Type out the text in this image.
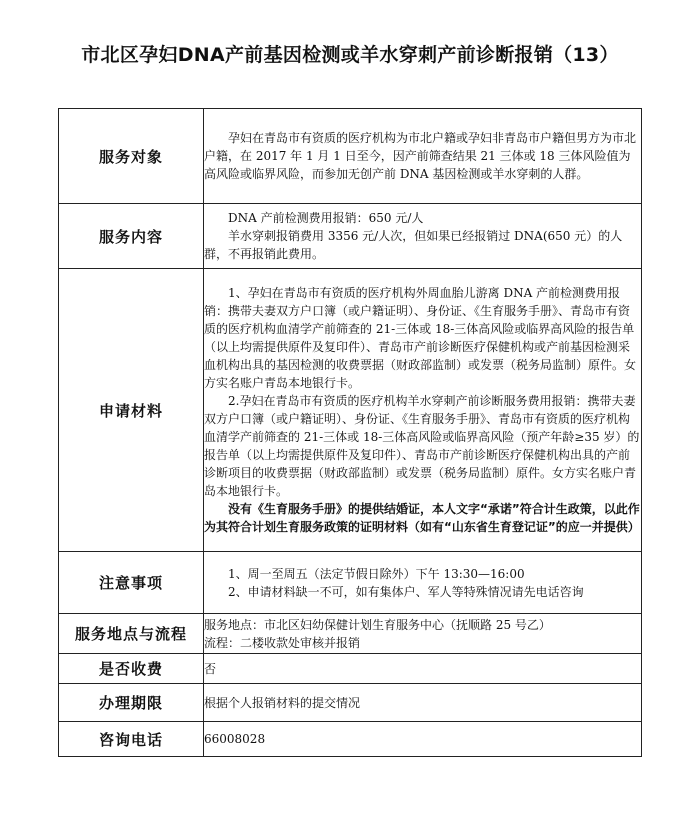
市北区孕妇DNA产前基因检测或羊水穿刺产前诊断报销（13）
服务对象	孕妇在青岛市有资质的医疗机构为市北户籍或孕妇非青岛市户籍但男方为市北户籍，在 2017 年 1 月 1 日至今，因产前筛查结果 21 三体或 18 三体风险值为高风险或临界风险，而参加无创产前 DNA 基因检测或羊水穿刺的人群。

服务内容	DNA 产前检测费用报销：650 元/人

羊水穿刺报销费用 3356 元/人次，但如果已经报销过 DNA(650 元）的人群，不再报销此费用。

申请材料	1、孕妇在青岛市有资质的医疗机构外周血胎儿游离 DNA 产前检测费用报销：携带夫妻双方户口簿（或户籍证明）、身份证、《生育服务手册》、青岛市有资质的医疗机构血清学产前筛查的 21-三体或 18-三体高风险或临界高风险的报告单（以上均需提供原件及复印件）、青岛市产前诊断医疗保健机构或产前基因检测采血机构出具的基因检测的收费票据（财政部监制）或发票（税务局监制）原件。女方实名账户青岛本地银行卡。

2.孕妇在青岛市有资质的医疗机构羊水穿刺产前诊断服务费用报销：携带夫妻双方户口簿（或户籍证明）、身份证、《生育服务手册》、青岛市有资质的医疗机构血清学产前筛查的 21-三体或 18-三体高风险或临界高风险（预产年龄≥35 岁）的报告单（以上均需提供原件及复印件）、青岛市产前诊断医疗保健机构出具的产前诊断项目的收费票据（财政部监制）或发票（税务局监制）原件。女方实名账户青岛本地银行卡。

没有《生育服务手册》的提供结婚证，本人文字“承诺”符合计生政策，以此作为其符合计划生育服务政策的证明材料（如有“山东省生育登记证”的应一并提供）

注意事项	1、周一至周五（法定节假日除外）下午 13:30—16:00

2、申请材料缺一不可，如有集体户、军人等特殊情况请先电话咨询

服务地点与流程	服务地点：市北区妇幼保健计划生育服务中心（抚顺路 25 号乙）

流程：二楼收款处审核并报销

是否收费	否

办理期限	根据个人报销材料的提交情况

咨询电话	66008028
